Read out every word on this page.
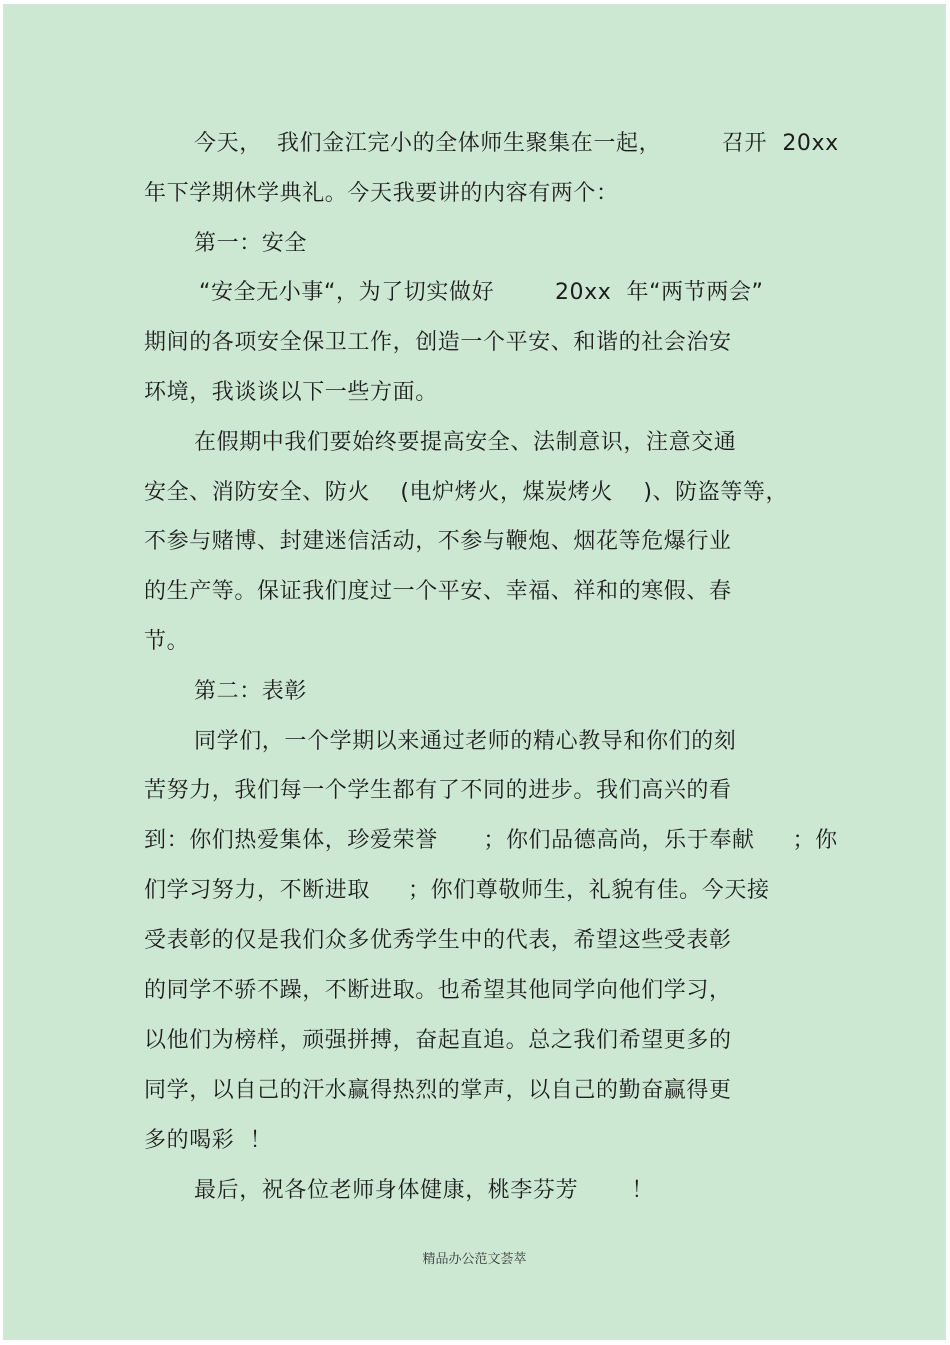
今天，  我们金江完小的全体师生聚集在一起，        召开  20xx
年下学期休学典礼。今天我要讲的内容有两个：
第一：安全
“安全无小事“，为了切实做好        20xx  年“两节两会”
期间的各项安全保卫工作，创造一个平安、和谐的社会治安
环境，我谈谈以下一些方面。
在假期中我们要始终要提高安全、法制意识，注意交通
安全、消防安全、防火    (电炉烤火，煤炭烤火    )、防盗等等，
不参与赌博、封建迷信活动，不参与鞭炮、烟花等危爆行业
的生产等。保证我们度过一个平安、幸福、祥和的寒假、春
节。
第二：表彰
同学们，一个学期以来通过老师的精心教导和你们的刻
苦努力，我们每一个学生都有了不同的进步。我们高兴的看
到：你们热爱集体，珍爱荣誉      ；你们品德高尚，乐于奉献     ；你
们学习努力，不断进取     ；你们尊敬师生，礼貌有佳。今天接
受表彰的仅是我们众多优秀学生中的代表，希望这些受表彰
的同学不骄不躁，不断进取。也希望其他同学向他们学习，
以他们为榜样，顽强拼搏，奋起直追。总之我们希望更多的
同学，以自己的汗水赢得热烈的掌声，以自己的勤奋赢得更
多的喝彩  ！
最后，祝各位老师身体健康，桃李芬芳       ！
精品办公范文荟萃
